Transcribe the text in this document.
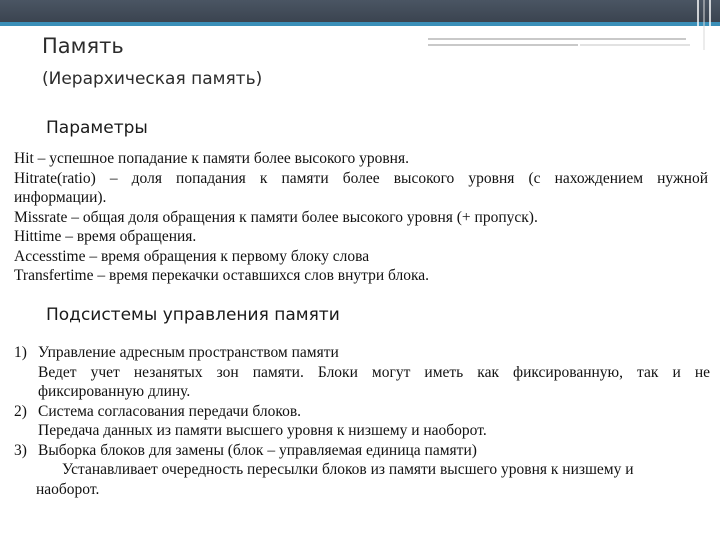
Память
(Иерархическая память)
Параметры
Hit – успешное попадание к памяти более высокого уровня.
Hitrate(ratio) – доля попадания к памяти более высокого уровня (с нахождением нужной
информации).
Missrate – общая доля обращения к памяти более высокого уровня (+ пропуск).
Hittime – время обращения.
Accesstime – время обращения к первому блоку слова
Transfertime – время перекачки оставшихся слов внутри блока.
Подсистемы управления памяти
1) Управление адресным пространством памяти
Ведет учет незанятых зон памяти. Блоки могут иметь как фиксированную, так и не
фиксированную длину.
2) Система согласования передачи блоков.
Передача данных из памяти высшего уровня к низшему и наоборот.
3) Выборка блоков для замены (блок – управляемая единица памяти)
Устанавливает очередность пересылки блоков из памяти высшего уровня к низшему и
наоборот.
